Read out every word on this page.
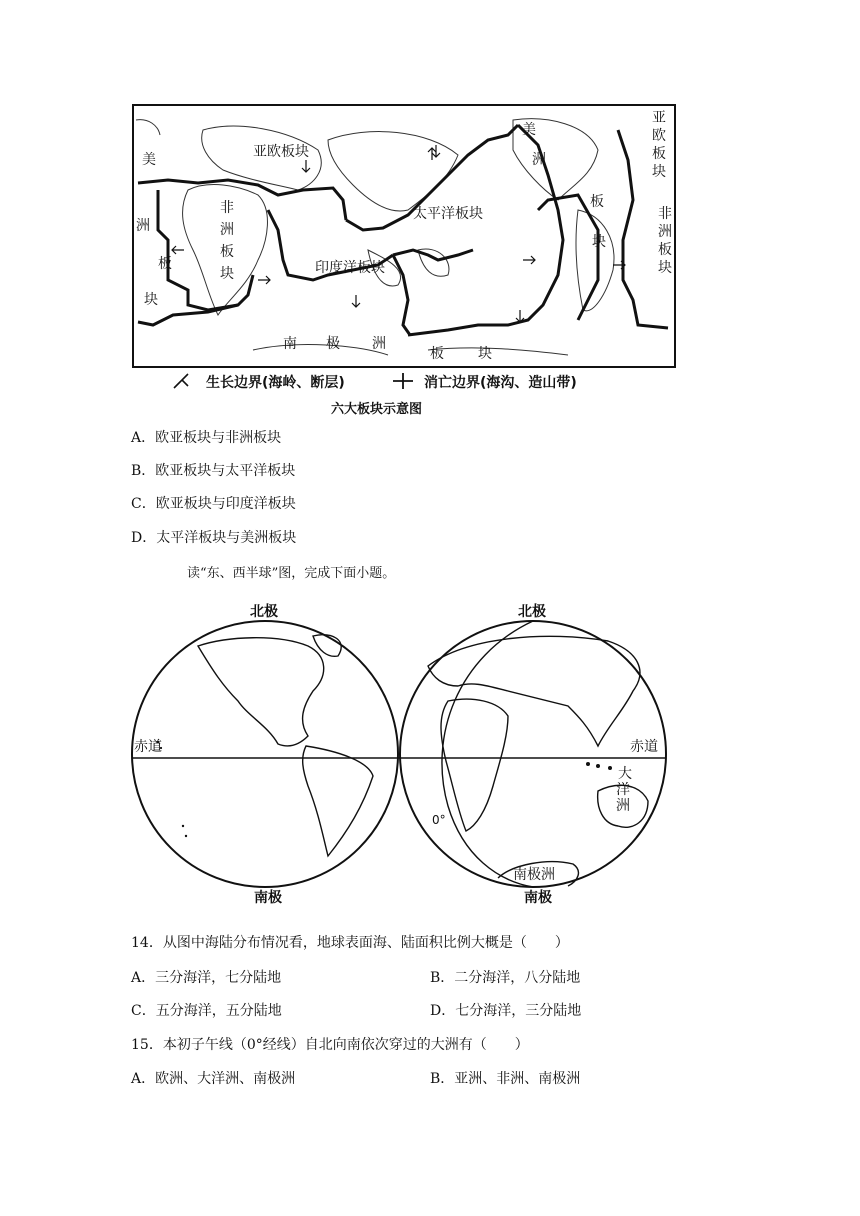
亚欧板块
太平洋板块
印度洋板块
非
洲
板
块
美
洲
板
块
美
洲
板
块
亚
欧
板
块
非
洲
板
块
南 极 洲
板 块
生长边界(海岭、断层)	消亡边界(海沟、造山带)
六大板块示意图
A．欧亚板块与非洲板块
B．欧亚板块与太平洋板块
C．欧亚板块与印度洋板块
D．太平洋板块与美洲板块
读“东、西半球”图，完成下面小题。
北极	北极
赤道	赤道
南极	南极
南极洲
大
洋
洲
0°
14．从图中海陆分布情况看，地球表面海、陆面积比例大概是（　　）
A．三分海洋，七分陆地	B．二分海洋，八分陆地
C．五分海洋，五分陆地	D．七分海洋，三分陆地
15．本初子午线（0°经线）自北向南依次穿过的大洲有（　　）
A．欧洲、大洋洲、南极洲	B．亚洲、非洲、南极洲
